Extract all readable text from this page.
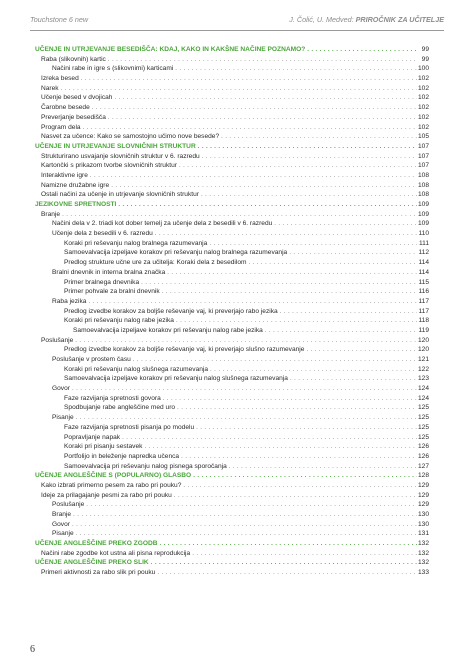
Touchstone 6 new	J. Čolić, U. Medved: PRIROČNIK ZA UČITELJE
UČENJE IN UTRJEVANJE BESEDIŠČA: KDAJ, KAKO IN KAKŠNE NAČINE POZNAMO? . . .	99
Raba (slikovnih) kartic . . .	99
Načini rabe in igre s (slikovnimi) karticami . . .	100
Izreka besed . . .	102
Narek . . .	102
Učenje besed v dvojicah . . .	102
Čarobne besede . . .	102
Preverjanje besedišča . . .	102
Program dela . . .	102
Nasvet za učence: Kako se samostojno učimo nove besede? . . .	105
UČENJE IN UTRJEVANJE SLOVNIČNIH STRUKTUR . . .	107
Strukturirano usvajanje slovničnih struktur v 6. razredu . . .	107
Kartončki s prikazom tvorbe slovničnih struktur . . .	107
Interaktivne igre . . .	108
Namizne družabne igre . . .	108
Ostali načini za učenje in utrjevanje slovničnih struktur . . .	108
JEZIKOVNE SPRETNOSTI . . .	109
Branje . . .	109
Načini dela v 2. triadi kot dober temelj za učenje dela z besedili v 6. razredu . . .	109
Učenje dela z besedili v 6. razredu . . .	110
Koraki pri reševanju nalog bralnega razumevanja . . .	111
Samoevalvacija izpeljave korakov pri reševanju nalog bralnega razumevanja . . .	112
Predlog strukture učne ure za učitelja: Koraki dela z besedilom . . .	114
Bralni dnevnik in interna bralna značka . . .	114
Primer bralnega dnevnika . . .	115
Primer pohvale za bralni dnevnik . . .	116
Raba jezika . . .	117
Predlog izvedbe korakov za boljše reševanje vaj, ki preverjajo rabo jezika . . .	117
Koraki pri reševanju nalog rabe jezika . . .	118
Samoevalvacija izpeljave korakov pri reševanju nalog rabe jezika . . .	119
Poslušanje . . .	120
Predlog izvedbe korakov za boljše reševanje vaj, ki preverjajo slušno razumevanje . . .	120
Poslušanje v prostem času . . .	121
Koraki pri reševanju nalog slušnega razumevanja . . .	122
Samoevalvacija izpeljave korakov pri reševanju nalog slušnega razumevanja . . .	123
Govor . . .	124
Faze razvijanja spretnosti govora . . .	124
Spodbujanje rabe angleščine med uro . . .	125
Pisanje . . .	125
Faze razvijanja spretnosti pisanja po modelu . . .	125
Popravljanje napak . . .	125
Koraki pri pisanju sestavek . . .	126
Portfolijo in beleženje napredka učenca . . .	126
Samoevalvacija pri reševanju nalog pisnega sporočanja . . .	127
UČENJE ANGLEŠČINE S (POPULARNO) GLASBO . . .	128
Kako izbrati primerno pesem za rabo pri pouku? . . .	129
Ideje za prilagajanje pesmi za rabo pri pouku . . .	129
Poslušanje . . .	129
Branje . . .	130
Govor . . .	130
Pisanje . . .	131
UČENJE ANGLEŠČINE PREKO ZGODB . . .	132
Načini rabe zgodbe kot ustna ali pisna reprodukcija . . .	132
UČENJE ANGLEŠČINE PREKO SLIK . . .	132
Primeri aktivnosti za rabo slik pri pouku . . .	133
6
